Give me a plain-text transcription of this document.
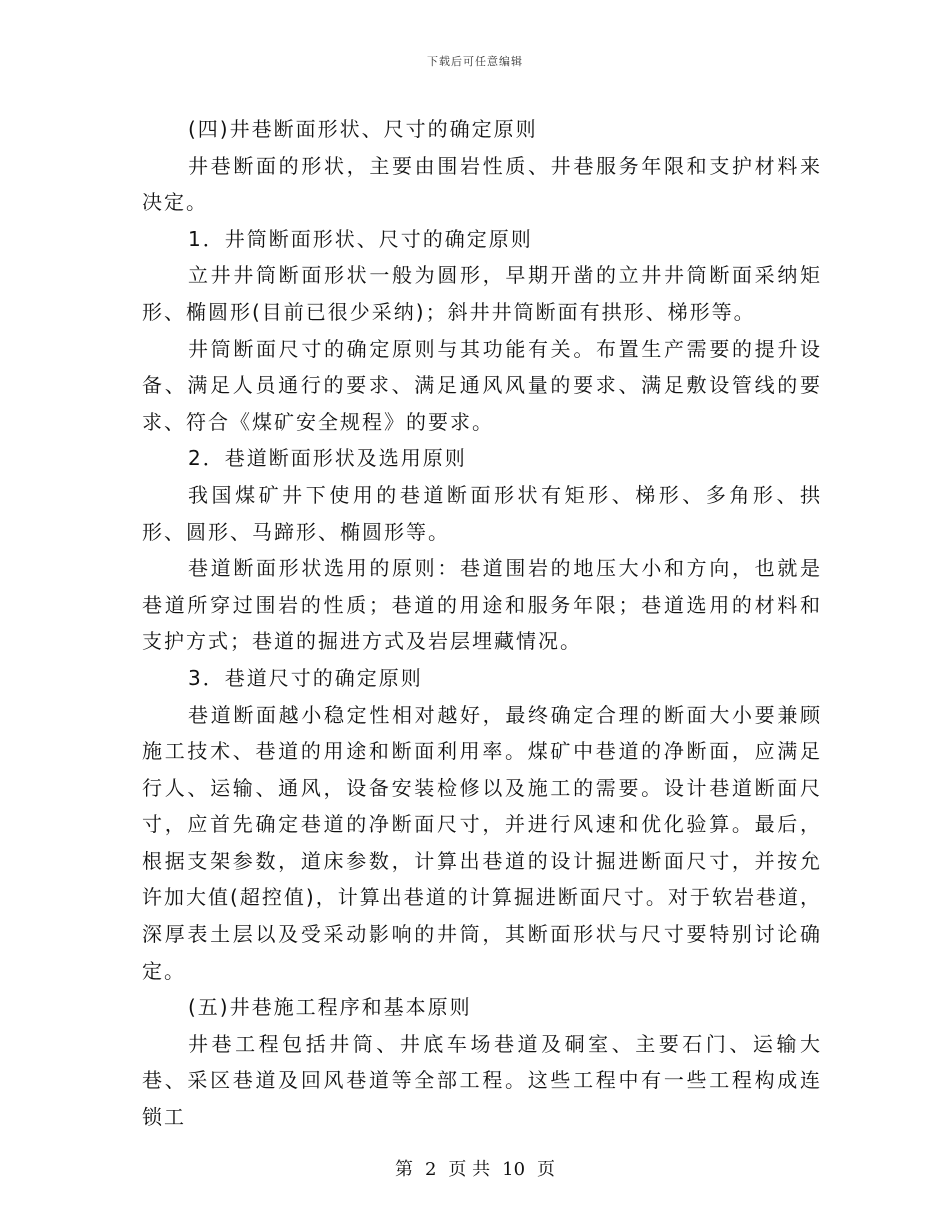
下载后可任意编辑

(四)井巷断面形状、尺寸的确定原则

井巷断面的形状，主要由围岩性质、井巷服务年限和支护材料来决定。

1．井筒断面形状、尺寸的确定原则

立井井筒断面形状一般为圆形，早期开凿的立井井筒断面采纳矩形、椭圆形(目前已很少采纳)；斜井井筒断面有拱形、梯形等。

井筒断面尺寸的确定原则与其功能有关。布置生产需要的提升设备、满足人员通行的要求、满足通风风量的要求、满足敷设管线的要求、符合《煤矿安全规程》的要求。

2．巷道断面形状及选用原则

我国煤矿井下使用的巷道断面形状有矩形、梯形、多角形、拱形、圆形、马蹄形、椭圆形等。

巷道断面形状选用的原则：巷道围岩的地压大小和方向，也就是巷道所穿过围岩的性质；巷道的用途和服务年限；巷道选用的材料和支护方式；巷道的掘进方式及岩层埋藏情况。

3．巷道尺寸的确定原则

巷道断面越小稳定性相对越好，最终确定合理的断面大小要兼顾施工技术、巷道的用途和断面利用率。煤矿中巷道的净断面，应满足行人、运输、通风，设备安装检修以及施工的需要。设计巷道断面尺寸，应首先确定巷道的净断面尺寸，并进行风速和优化验算。最后，根据支架参数，道床参数，计算出巷道的设计掘进断面尺寸，并按允许加大值(超控值)，计算出巷道的计算掘进断面尺寸。对于软岩巷道，深厚表土层以及受采动影响的井筒，其断面形状与尺寸要特别讨论确定。

(五)井巷施工程序和基本原则

井巷工程包括井筒、井底车场巷道及硐室、主要石门、运输大巷、采区巷道及回风巷道等全部工程。这些工程中有一些工程构成连锁工

第 2 页 共 10 页
